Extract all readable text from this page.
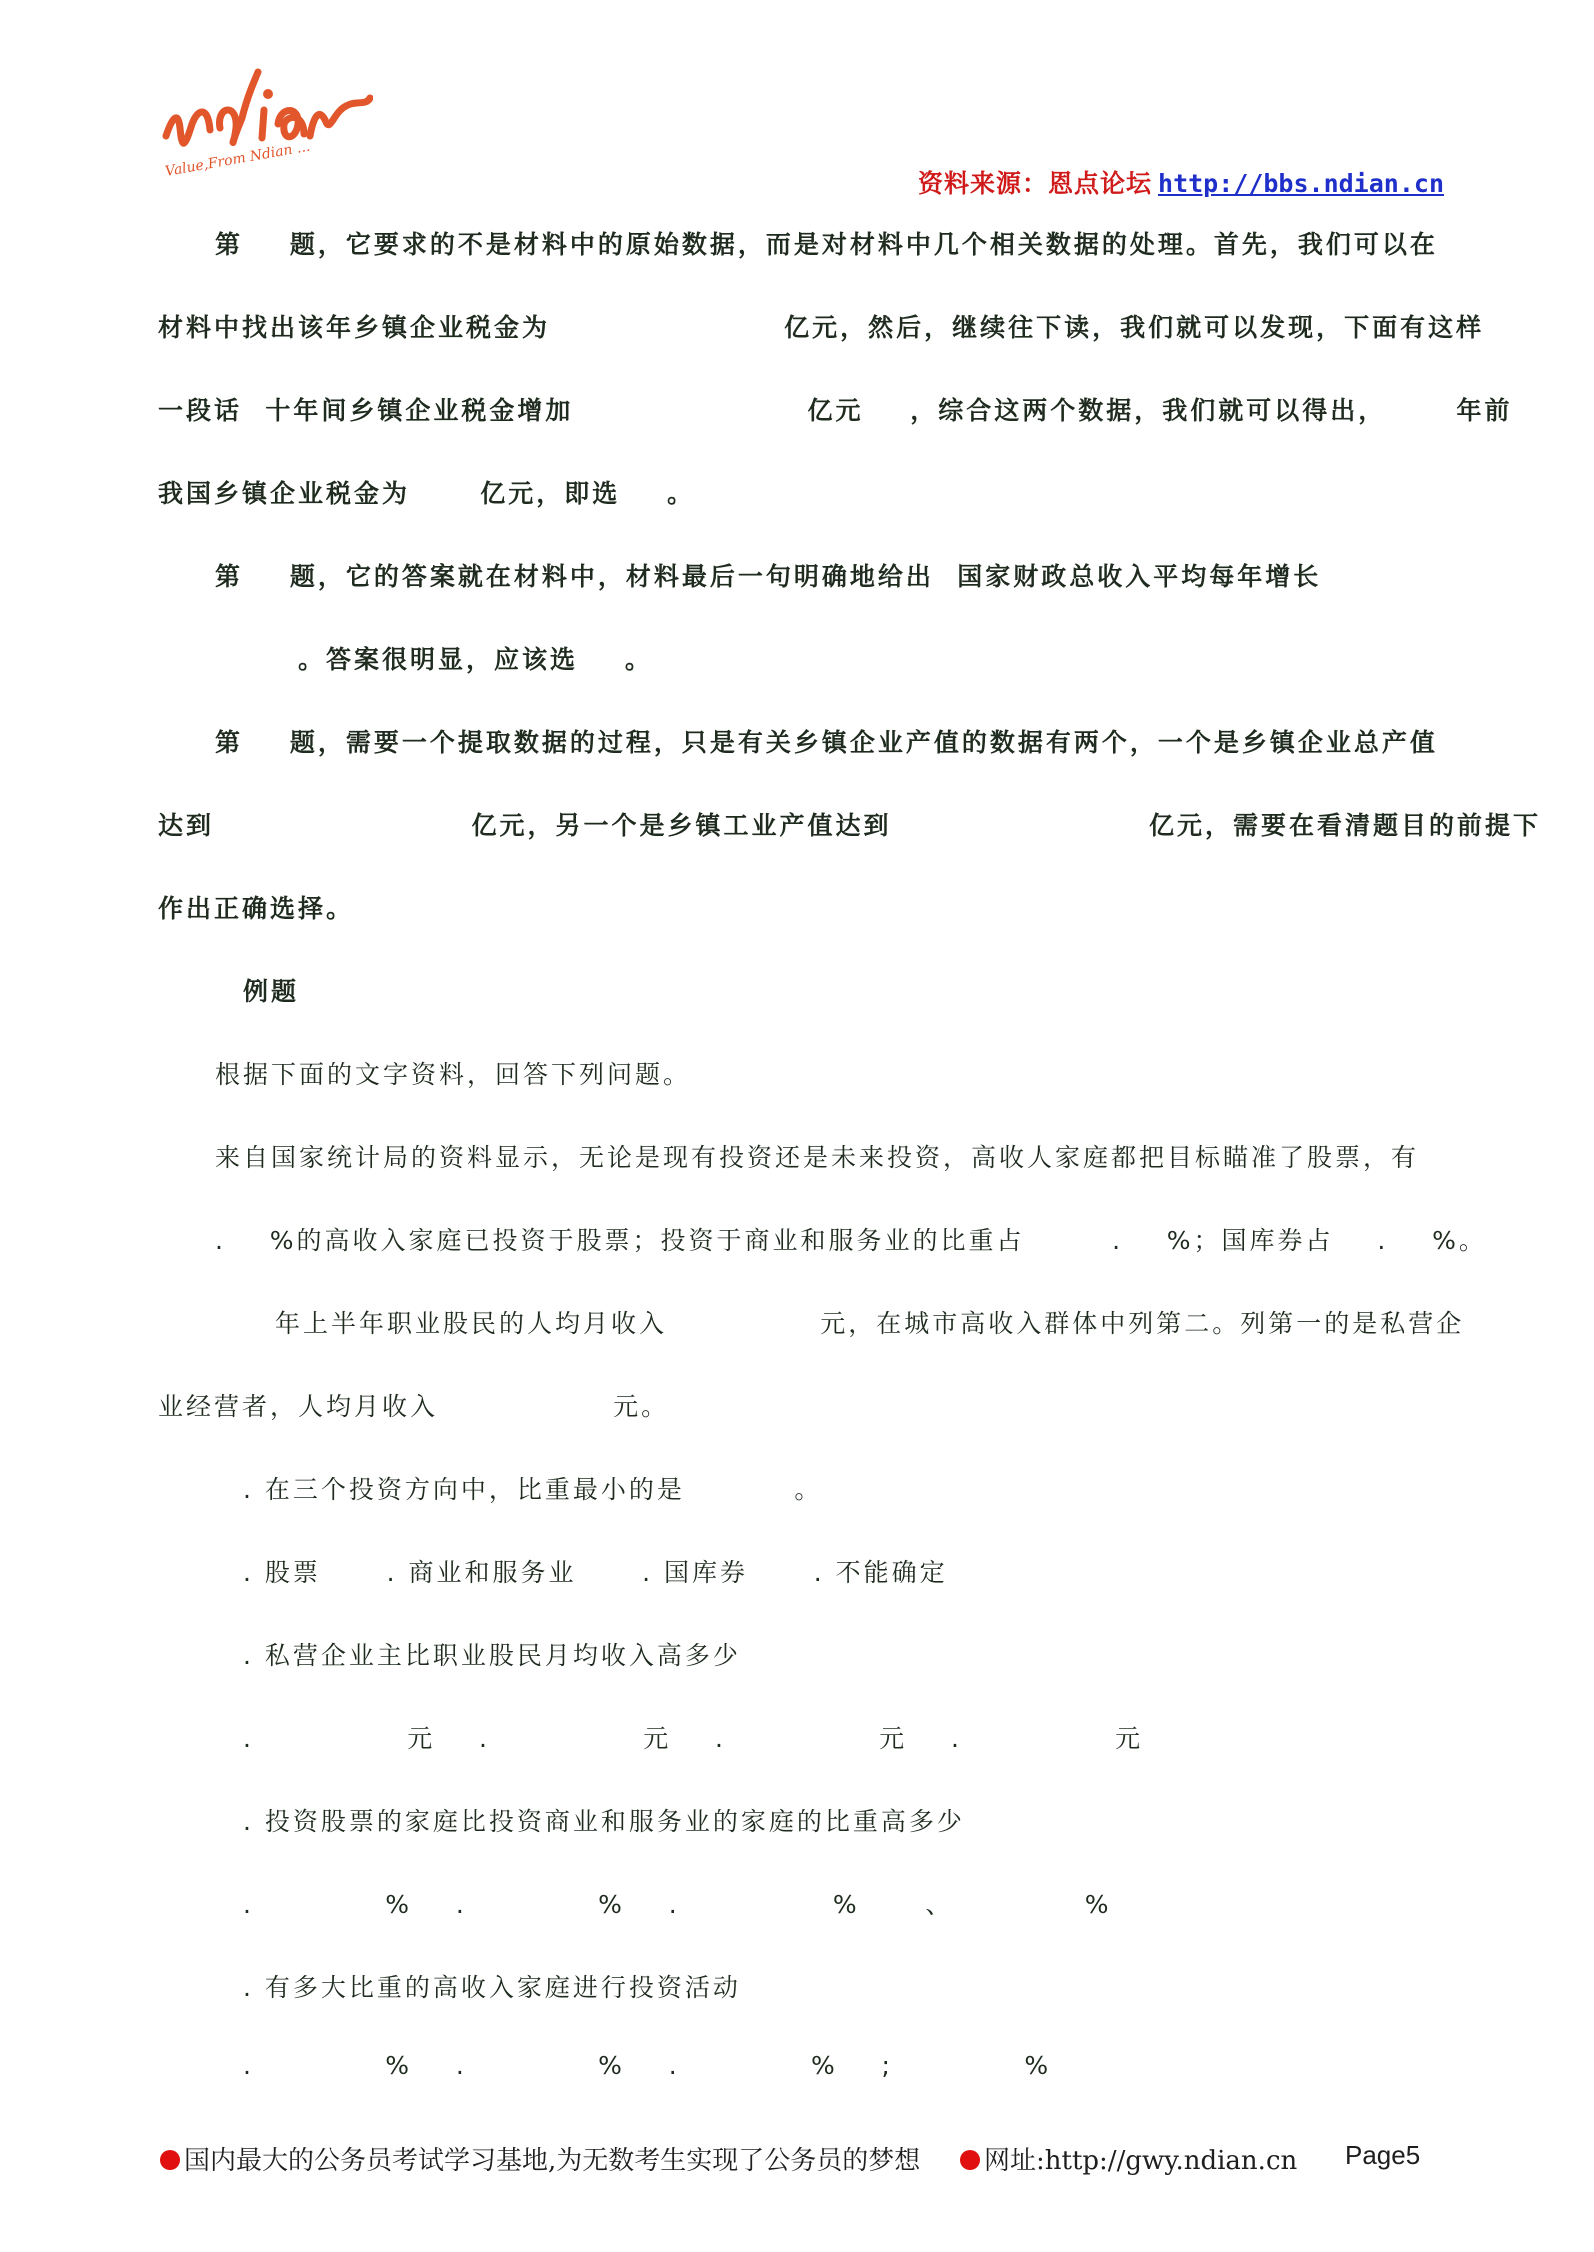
Value,From Ndian ...
资料来源：恩点论坛 http://bbs.ndian.cn
第    题，它要求的不是材料中的原始数据，而是对材料中几个相关数据的处理。首先，我们可以在
材料中找出该年乡镇企业税金为                    亿元，然后，继续往下读，我们就可以发现，下面有这样
一段话  十年间乡镇企业税金增加                    亿元    ，综合这两个数据，我们就可以得出，      年前
我国乡镇企业税金为      亿元，即选    。
第    题，它的答案就在材料中，材料最后一句明确地给出  国家财政总收入平均每年增长
。答案很明显，应该选    。
第    题，需要一个提取数据的过程，只是有关乡镇企业产值的数据有两个，一个是乡镇企业总产值
达到                      亿元，另一个是乡镇工业产值达到                      亿元，需要在看清题目的前提下
作出正确选择。
例题
根据下面的文字资料，回答下列问题。
来自国家统计局的资料显示，无论是现有投资还是未来投资，高收人家庭都把目标瞄准了股票，有
.    %的高收入家庭已投资于股票；投资于商业和服务业的比重占        .    %；国库券占    .    %。
年上半年职业股民的人均月收入              元，在城市高收入群体中列第二。列第一的是私营企
业经营者，人均月收入                元。
. 在三个投资方向中，比重最小的是          。
. 股票      . 商业和服务业      . 国库券      . 不能确定
. 私营企业主比职业股民月均收入高多少
.              元    .              元    .              元    .              元
. 投资股票的家庭比投资商业和服务业的家庭的比重高多少
.            %    .            %    .              %      、            %
. 有多大比重的高收入家庭进行投资活动
.            %    .            %    .            %    ;            %
国内最大的公务员考试学习基地,为无数考生实现了公务员的梦想	网址:http://gwy.ndian.cn Page5
